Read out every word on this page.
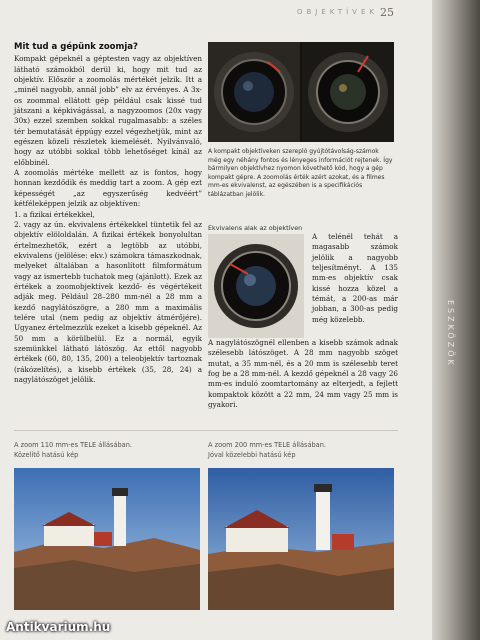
OBJEKTÍVEK 25
Mit tud a gépünk zoomja?

Kompakt gépeknél a géptesten vagy az objektíven látható számokból derül ki, hogy mit tud az objektív. Először a zoomolás mértékét jelzik. Itt a „minél nagyobb, annál jobb” elv az érvényes. A 3x-os zoommal ellátott gép például csak kissé tud játszani a képkivágással, a nagyzoomos (20x vagy 30x) ezzel szemben sokkal rugalmasabb: a széles tér bemutatását éppúgy ezzel végezhetjük, mint az egészen közeli részletek kiemelését. Nyilvánvaló, hogy az utóbbi sokkal több lehetőséget kínál az előbbinél.

A zoomolás mértéke mellett az is fontos, hogy honnan kezdődik és meddig tart a zoom. A gép ezt képességét „az egyszerűség kedvéért” kétféleképpen jelzik az objektíven:

1. a fizikai értékekkel,

2. vagy az ún. ekvivalens értékekkel tüntetik fel az objektív elöloldalán. A fizikai értékek bonyolultan értelmezhetők, ezért a legtöbb az utóbbi, ekvivalens (jelölése: ekv.) számokra támaszkodnak, melyeket általában a hasonlított filmformátum vagy az ismertebb tuchatok meg (ajánlott). Ezek az értékek a zoomobjektívek kezdő- és végértékeit adják meg. Például 28–280 mm-nél a 28 mm a kezdő nagylátószögre, a 280 mm a maximális telére utal (nem pedig az objektív átmérőjére). Ugyanez értelmezzük ezeket a kisebb gépeknél. Az 50 mm a körülbelül. Ez a normál, egyik szemünkkel látható látószög. Az ettől nagyobb értékek (60, 80, 135, 200) a teleobjektív tartoznak (rákózelítés), a kisebb értékek (35, 28, 24) a nagylátószöget jelölik.

A kompakt objektíveken szerepló gyújtótávolság-számok még egy néhány fontos és lényeges információt rejtenek. Így bármilyen objektívhez nyomon követhető kód, hogy a gép kompakt gépre. A zoomolás érték azért azokat, és a filmes mm-es ekvivalenst, az egészében is a specifikációs táblázatban jelölik.
Ekvivalens alak az objektíven

A telénél tehát a magasabb számok jelölik a nagyobb teljesítményt. A 135 mm-es objektív csak kissé hozza közel a témát, a 200-as már jobban, a 300-as pedig még közelebb.

A nagylátószögnél ellenben a kisebb számok adnak szélesebb látószöget. A 28 mm nagyobb szöget mutat, a 35 mm-nél, és a 20 mm is szélesebb teret fog be a 28 mm-nél. A kezdő gépeknél a 28 vagy 26 mm-es induló zoomtartomány az elterjedt, a fejlett kompaktok között a 22 mm, 24 mm vagy 25 mm is gyakori.

A zoom 110 mm-es TELE állásában.
Közelítő hatású kép
A zoom 200 mm-es TELE állásában.
Jóval közelebbi hatású kép
ESZKÖZÖK
Antikvarium.hu
